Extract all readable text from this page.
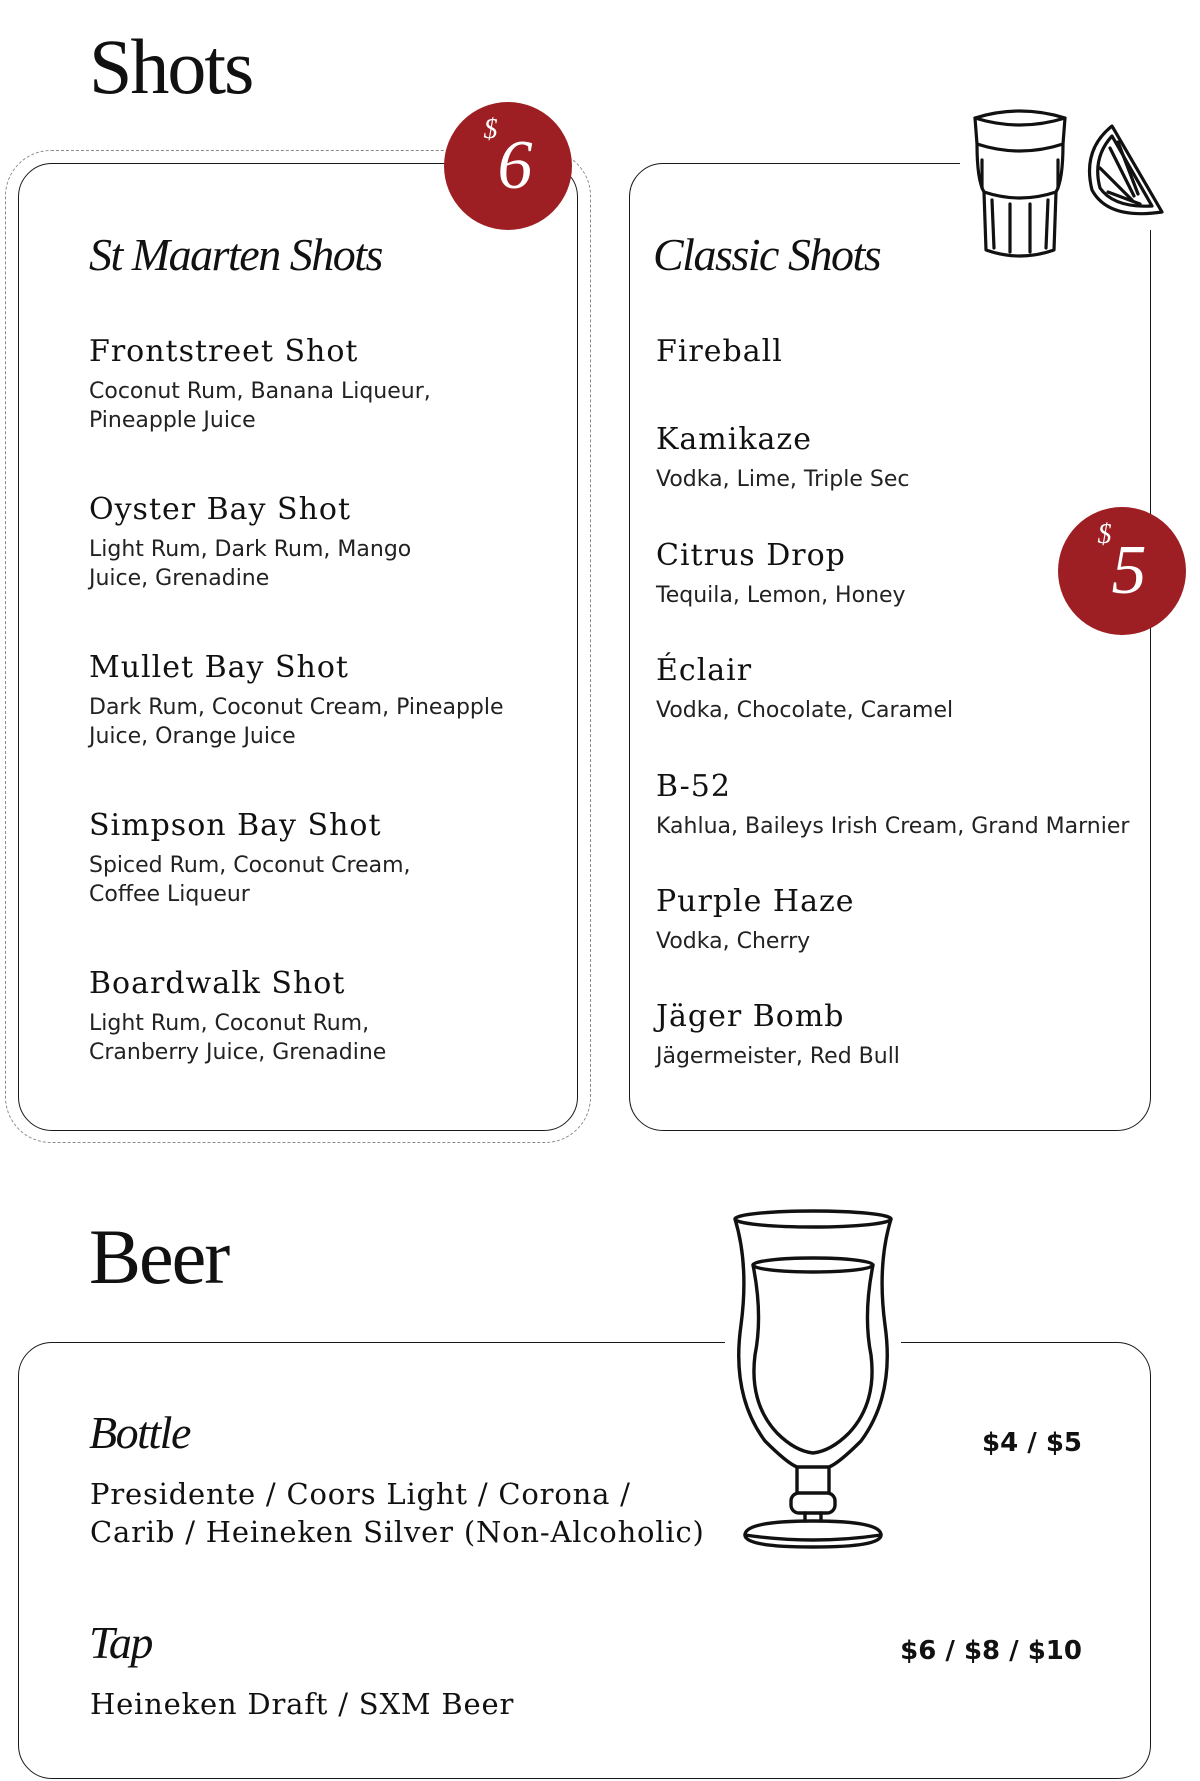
Shots
$6
St Maarten Shots
Frontstreet Shot
Coconut Rum, Banana Liqueur,
Pineapple Juice
Oyster Bay Shot
Light Rum, Dark Rum, Mango
Juice, Grenadine
Mullet Bay Shot
Dark Rum, Coconut Cream, Pineapple
Juice, Orange Juice
Simpson Bay Shot
Spiced Rum, Coconut Cream,
Coffee Liqueur
Boardwalk Shot
Light Rum, Coconut Rum,
Cranberry Juice, Grenadine
$5
Classic Shots
Fireball
Kamikaze
Vodka, Lime, Triple Sec
Citrus Drop
Tequila, Lemon, Honey
Éclair
Vodka, Chocolate, Caramel
B-52
Kahlua, Baileys Irish Cream, Grand Marnier
Purple Haze
Vodka, Cherry
Jäger Bomb
Jägermeister, Red Bull
Beer
Bottle
Presidente / Coors Light / Corona /
Carib / Heineken Silver (Non-Alcoholic)
$4 / $5
Tap
Heineken Draft / SXM Beer
$6 / $8 / $10
